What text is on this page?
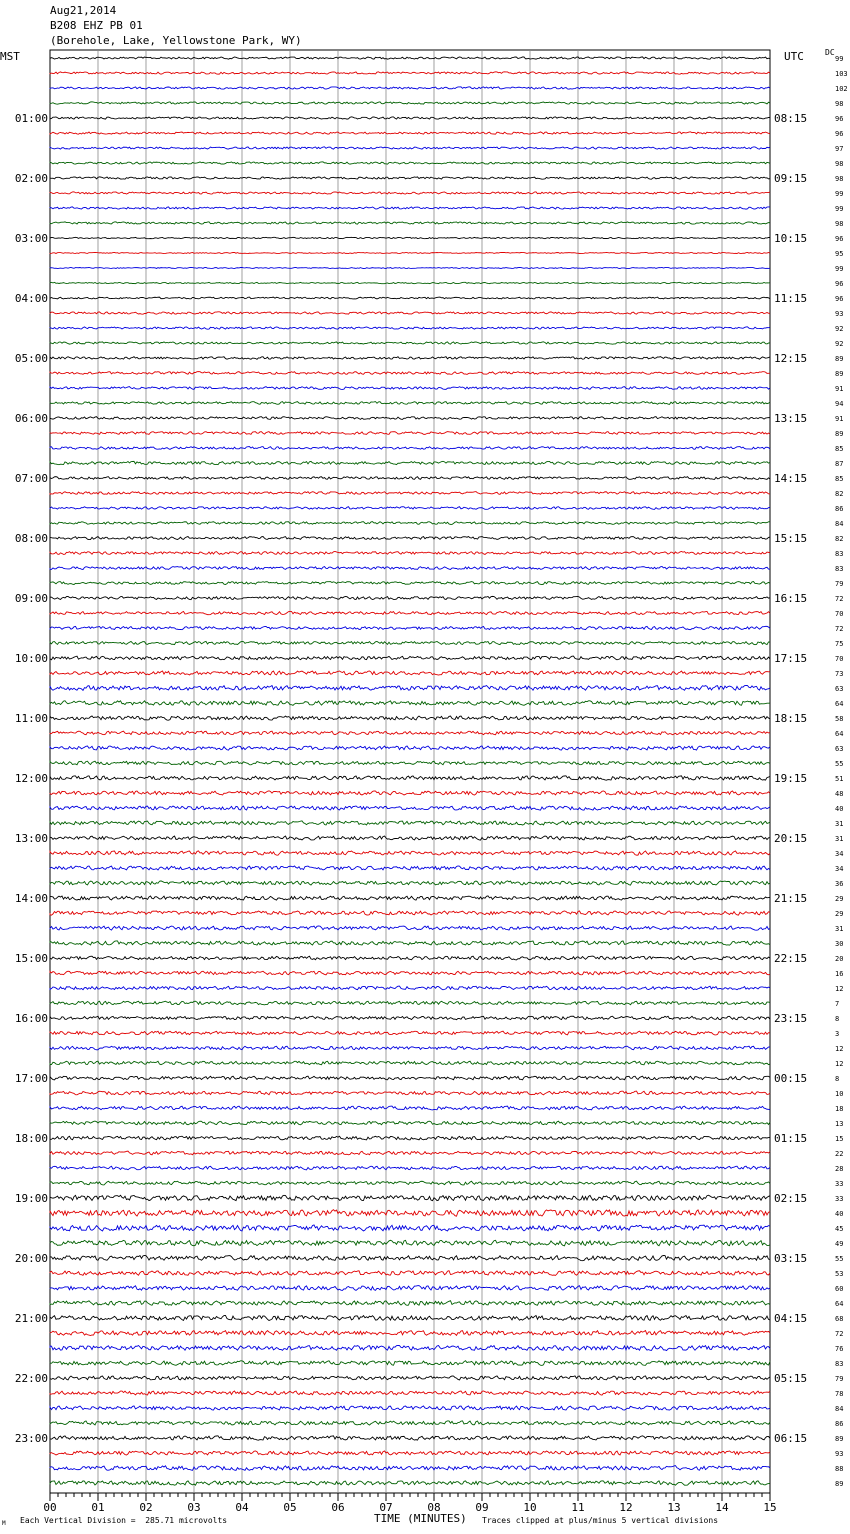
Aug21,2014
B208 EHZ PB 01
(Borehole, Lake, Yellowstone Park, WY)
MST	UTC	DC
99
103
102
98
96
96
97
98
98
99
99
98
96
95
99
96
96
93
92
92
89
89
91
94
91
89
85
87
85
82
86
84
82
83
83
79
72
70
72
75
70
73
63
64
58
64
63
55
51
48
40
31
31
34
34
36
29
29
31
30
20
16
12
7
8
3
12
12
8
10
18
13
15
22
28
33
33
40
45
49
55
53
60
64
68
72
76
83
79
78
84
86
89
93
88
89
01:00
02:00
03:00
04:00
05:00
06:00
07:00
08:00
09:00
10:00
11:00
12:00
13:00
14:00
15:00
16:00
17:00
18:00
19:00
20:00
21:00
22:00
23:00
08:15
09:15
10:15
11:15
12:15
13:15
14:15
15:15
16:15
17:15
18:15
19:15
20:15
21:15
22:15
23:15
00:15
01:15
02:15
03:15
04:15
05:15
06:15
00	01	02	03	04	05	06	07	08	09	10	11	12	13	14	15
TIME (MINUTES)
Each Vertical Division =  285.71 microvolts	Traces clipped at plus/minus 5 vertical divisions
M
